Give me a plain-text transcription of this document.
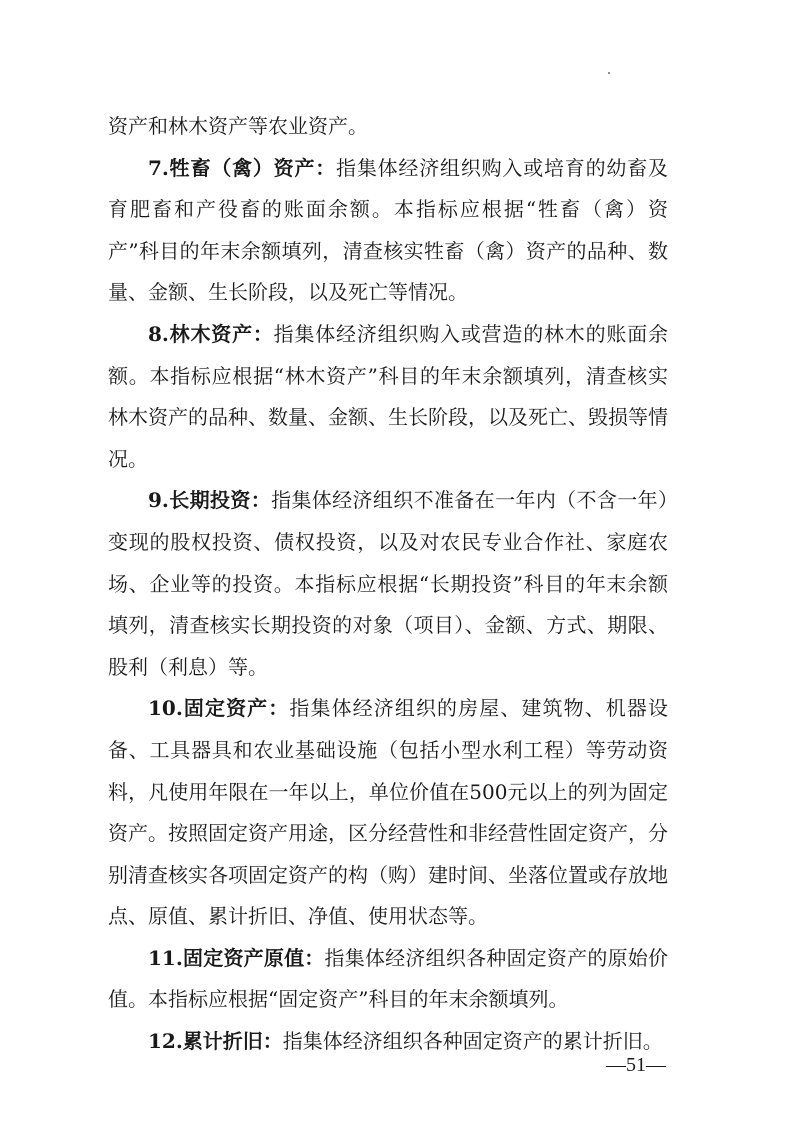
资产和林木资产等农业资产。

7.牲畜（禽）资产：指集体经济组织购入或培育的幼畜及育肥畜和产役畜的账面余额。本指标应根据“牲畜（禽）资产”科目的年末余额填列，清查核实牲畜（禽）资产的品种、数量、金额、生长阶段，以及死亡等情况。

8.林木资产：指集体经济组织购入或营造的林木的账面余额。本指标应根据“林木资产”科目的年末余额填列，清查核实林木资产的品种、数量、金额、生长阶段，以及死亡、毁损等情况。

9.长期投资：指集体经济组织不准备在一年内（不含一年）变现的股权投资、债权投资，以及对农民专业合作社、家庭农场、企业等的投资。本指标应根据“长期投资”科目的年末余额填列，清查核实长期投资的对象（项目）、金额、方式、期限、股利（利息）等。

10.固定资产：指集体经济组织的房屋、建筑物、机器设备、工具器具和农业基础设施（包括小型水利工程）等劳动资料，凡使用年限在一年以上，单位价值在500元以上的列为固定资产。按照固定资产用途，区分经营性和非经营性固定资产，分别清查核实各项固定资产的构（购）建时间、坐落位置或存放地点、原值、累计折旧、净值、使用状态等。

11.固定资产原值：指集体经济组织各种固定资产的原始价值。本指标应根据“固定资产”科目的年末余额填列。

12.累计折旧：指集体经济组织各种固定资产的累计折旧。

—51—
